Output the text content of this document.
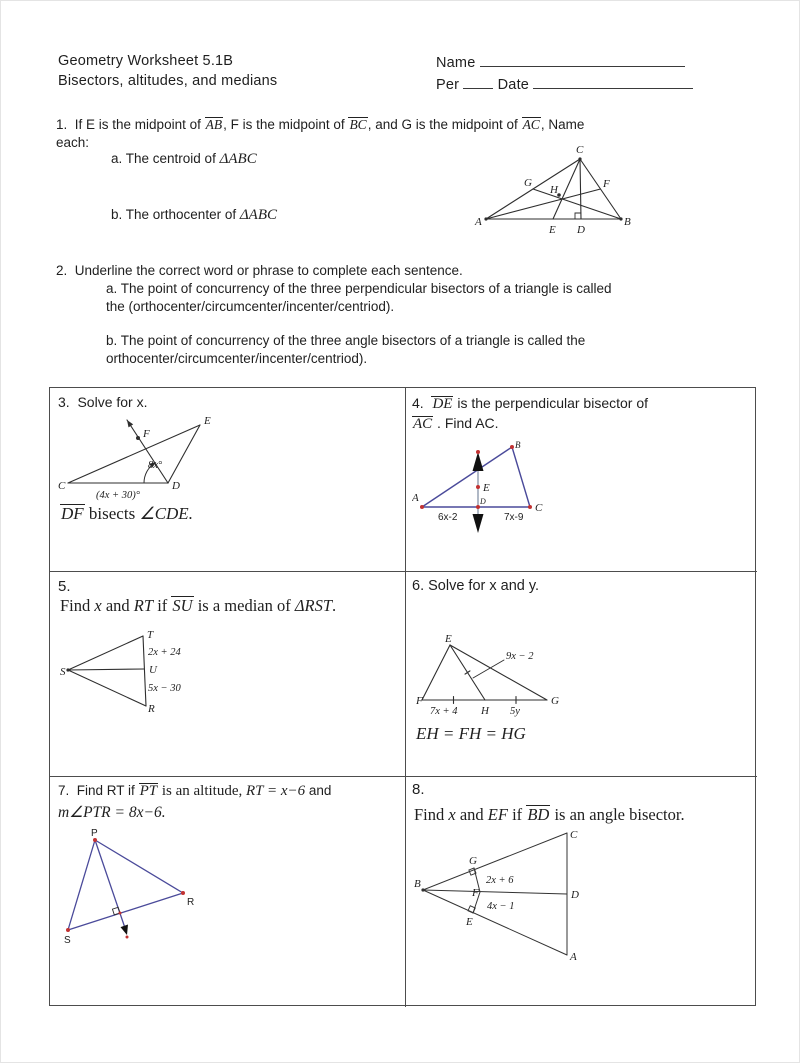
Geometry Worksheet 5.1B
Bisectors, altitudes, and medians
Name
Per	Date
1. If E is the midpoint of AB, F is the midpoint of BC, and G is the midpoint of AC, Name
each:
a. The centroid of ΔABC
b. The orthocenter of ΔABC
C
A	B
G	F
H
E D
2. Underline the correct word or phrase to complete each sentence.
a. The point of concurrency of the three perpendicular bisectors of a triangle is called
the (orthocenter/circumcenter/incenter/centriod).
b. The point of concurrency of the three angle bisectors of a triangle is called the
orthocenter/circumcenter/incenter/centriod).
3. Solve for x.
C	D
E
F
8x°
(4x + 30)°
DF bisects ∠CDE.
4. DE is the perpendicular bisector of
AC . Find AC.
A
B
C
E
D
6x-2	7x-9
5.
Find x and RT if SU is a median of ΔRST.
T
2x + 24
U
5x − 30
R
S
6. Solve for x and y.
E
9x − 2
F	G
H
7x + 4	5y
EH = FH = HG
7. Find RT if PT is an altitude, RT = x−6 and
m∠PTR = 8x−6.
P
S
R
8.
Find x and EF if BD is an angle bisector.
B
C
G
2x + 6
F	D
4x − 1
E
A
